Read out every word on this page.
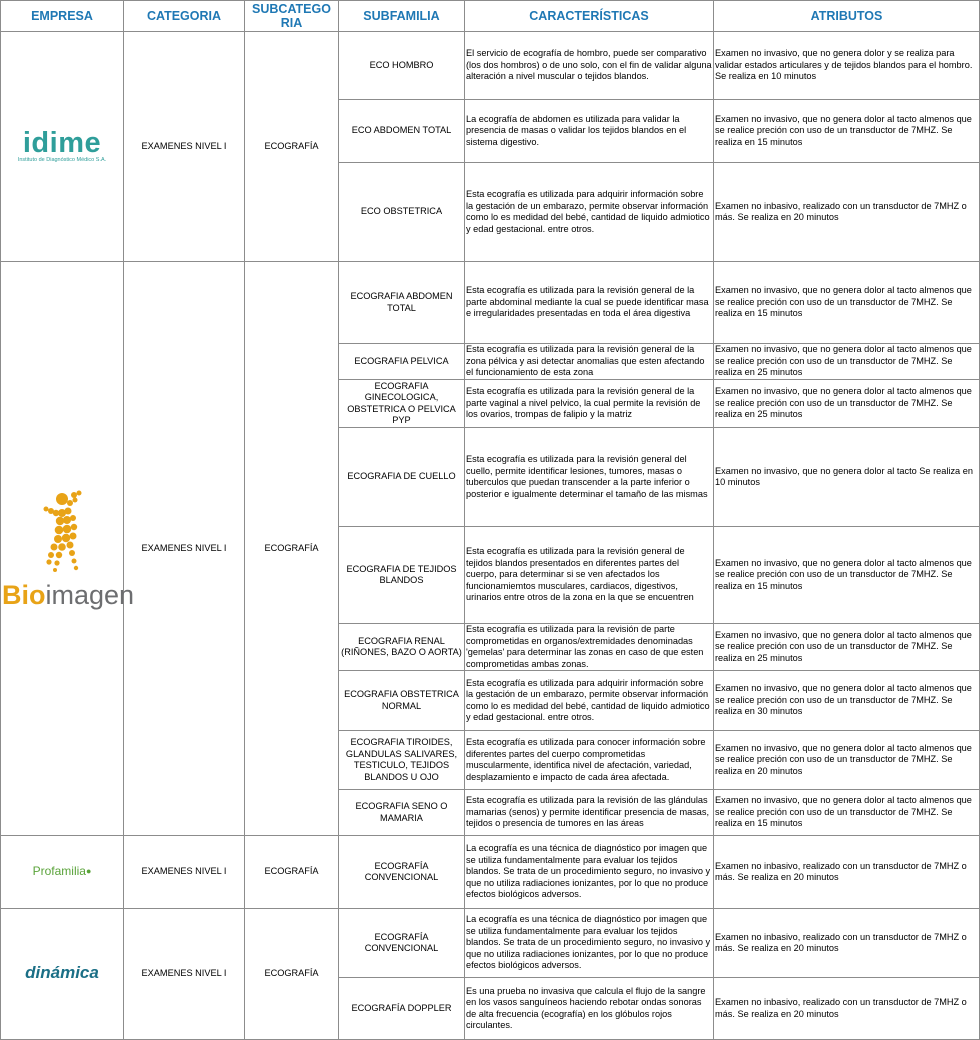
EMPRESA	CATEGORIA	SUBCATEGORIA	SUBFAMILIA	CARACTERÍSTICAS	ATRIBUTOS

idime
Instituto de Diagnóstico Médico S.A.	EXAMENES NIVEL I	ECOGRAFÍA	ECO HOMBRO	El servicio de ecografía de hombro, puede ser comparativo (los dos hombros) o de uno solo, con el fin de validar alguna alteración a nivel muscular o tejidos blandos.	Examen no invasivo, que no genera dolor y se realiza para validar estados articulares y de tejidos blandos para el hombro. Se realiza en 10 minutos
			ECO ABDOMEN TOTAL	La ecografía de abdomen es utilizada para validar la presencia de masas o validar los tejidos blandos en el sistema digestivo.	Examen no invasivo, que no genera dolor al tacto almenos que se realice preción con uso de un transductor de 7MHZ. Se realiza en 15 minutos
			ECO OBSTETRICA	Esta ecografía es utilizada para adquirir información sobre la gestación de un embarazo, permite observar información como lo es medidad del bebé, cantidad de liquido admiotico y edad gestacional. entre otros.	Examen no inbasivo, realizado con un transductor de 7MHZ o más. Se realiza en 20 minutos

Bioimagen	EXAMENES NIVEL I	ECOGRAFÍA	ECOGRAFIA ABDOMEN TOTAL	Esta ecografía es utilizada para la revisión general de la parte abdominal mediante la cual se puede identificar masa e irregularidades presentadas en toda el área digestiva	Examen no invasivo, que no genera dolor al tacto almenos que se realice preción con uso de un transductor de 7MHZ. Se realiza en 15 minutos
			ECOGRAFIA PELVICA	Esta ecografía es utilizada para la revisión general de la zona pélvica y asi detectar anomalias que esten afectando el funcionamiento de esta zona	Examen no invasivo, que no genera dolor al tacto almenos que se realice preción con uso de un transductor de 7MHZ. Se realiza en 25 minutos
			ECOGRAFIA GINECOLOGICA, OBSTETRICA O PELVICA PYP	Esta ecografía es utilizada para la revisión general de la parte vaginal a nivel pelvico, la cual permite la revisión de los ovarios, trompas de falipio y la matriz	Examen no invasivo, que no genera dolor al tacto almenos que se realice preción con uso de un transductor de 7MHZ. Se realiza en 25 minutos
			ECOGRAFIA DE CUELLO	Esta ecografía es utilizada para la revisión general del cuello, permite identificar lesiones, tumores, masas o tuberculos que puedan transcender a la parte inferior o posterior e igualmente determinar el tamaño de las mismas	Examen no invasivo, que no genera dolor al tacto Se realiza en 10 minutos
			ECOGRAFIA DE TEJIDOS BLANDOS	Esta ecografía es utilizada para la revisión general de tejidos blandos presentados en diferentes partes del cuerpo, para determinar si se ven afectados los funcionamiemtos musculares, cardiacos, digestivos, urinarios entre otros de la zona en la que se encuentren	Examen no invasivo, que no genera dolor al tacto almenos que se realice preción con uso de un transductor de 7MHZ. Se realiza en 15 minutos
			ECOGRAFIA RENAL (RIÑONES, BAZO O AORTA)	Esta ecografía es utilizada para la revisión de parte comprometidas en organos/extremidades denominadas 'gemelas' para determinar las zonas en caso de que esten comprometidas ambas zonas.	Examen no invasivo, que no genera dolor al tacto almenos que se realice preción con uso de un transductor de 7MHZ. Se realiza en 25 minutos
			ECOGRAFIA OBSTETRICA NORMAL	Esta ecografía es utilizada para adquirir información sobre la gestación de un embarazo, permite observar información como lo es medidad del bebé, cantidad de liquido admiotico y edad gestacional. entre otros.	Examen no invasivo, que no genera dolor al tacto almenos que se realice preción con uso de un transductor de 7MHZ. Se realiza en 30 minutos
			ECOGRAFIA TIROIDES, GLANDULAS SALIVARES, TESTICULO, TEJIDOS BLANDOS U OJO	Esta ecografía es utilizada para conocer información sobre diferentes partes del cuerpo comprometidas muscularmente, identifica nivel de afectación, variedad, desplazamiento e impacto de cada área afectada.	Examen no invasivo, que no genera dolor al tacto almenos que se realice preción con uso de un transductor de 7MHZ. Se realiza en 20 minutos
			ECOGRAFIA SENO O MAMARIA	Esta ecografía es utilizada para la revisión de las glándulas mamarias (senos) y permite identificar presencia de masas, tejidos o presencia de tumores en las áreas	Examen no invasivo, que no genera dolor al tacto almenos que se realice preción con uso de un transductor de 7MHZ. Se realiza en 15 minutos
Profamilia●	EXAMENES NIVEL I	ECOGRAFÍA	ECOGRAFÍA CONVENCIONAL	La ecografía es una técnica de diagnóstico por imagen que se utiliza fundamentalmente para evaluar los tejidos blandos. Se trata de un procedimiento seguro, no invasivo y que no utiliza radiaciones ionizantes, por lo que no produce efectos biológicos adversos.	Examen no inbasivo, realizado con un transductor de 7MHZ o más. Se realiza en 20 minutos
dinámica	EXAMENES NIVEL I	ECOGRAFÍA	ECOGRAFÍA CONVENCIONAL	La ecografía es una técnica de diagnóstico por imagen que se utiliza fundamentalmente para evaluar los tejidos blandos. Se trata de un procedimiento seguro, no invasivo y que no utiliza radiaciones ionizantes, por lo que no produce efectos biológicos adversos.	Examen no inbasivo, realizado con un transductor de 7MHZ o más. Se realiza en 20 minutos
			ECOGRAFÍA DOPPLER	Es una prueba no invasiva que calcula el flujo de la sangre en los vasos sanguíneos haciendo rebotar ondas sonoras de alta frecuencia (ecografía) en los glóbulos rojos circulantes.	Examen no inbasivo, realizado con un transductor de 7MHZ o más. Se realiza en 20 minutos
